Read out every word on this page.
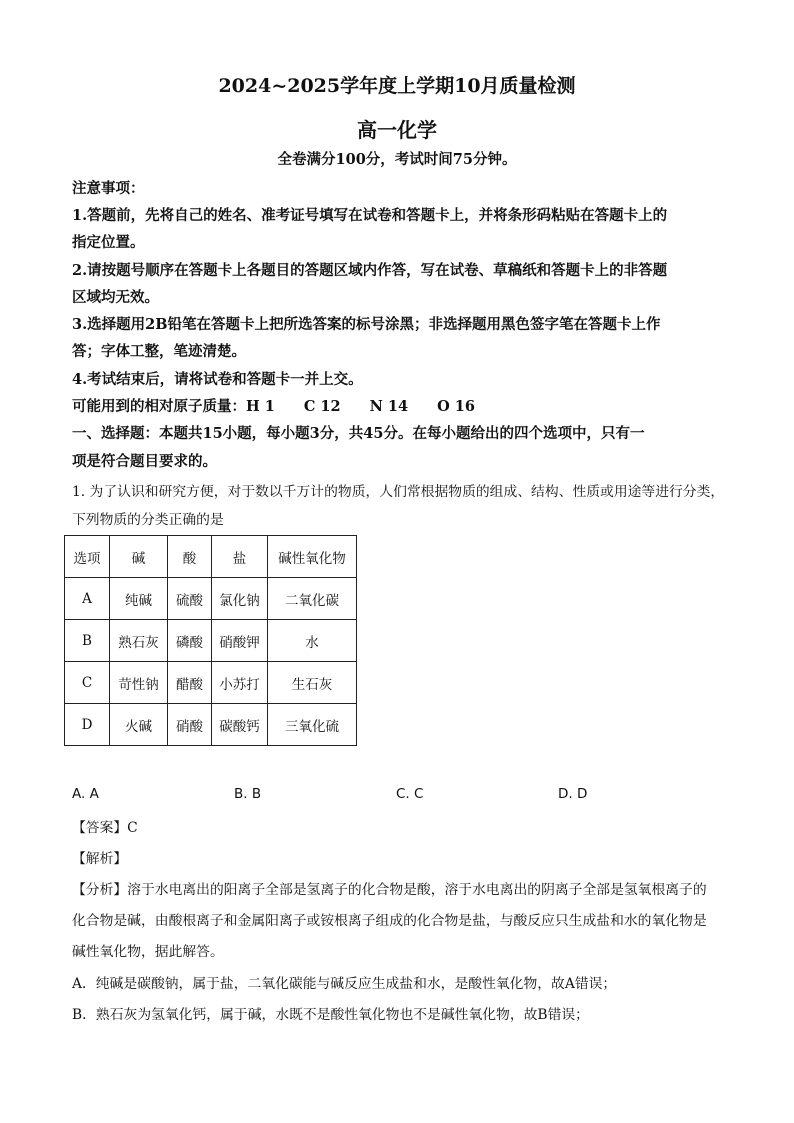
2024~2025学年度上学期10月质量检测
高一化学
全卷满分100分，考试时间75分钟。
注意事项：
1.答题前，先将自己的姓名、准考证号填写在试卷和答题卡上，并将条形码粘贴在答题卡上的
指定位置。
2.请按题号顺序在答题卡上各题目的答题区域内作答，写在试卷、草稿纸和答题卡上的非答题
区域均无效。
3.选择题用2B铅笔在答题卡上把所选答案的标号涂黑；非选择题用黑色签字笔在答题卡上作
答；字体工整，笔迹清楚。
4.考试结束后，请将试卷和答题卡一并上交。
可能用到的相对原子质量：H 1　　C 12　　N 14　　O 16
一、选择题：本题共15小题，每小题3分，共45分。在每小题给出的四个选项中，只有一
项是符合题目要求的。
1. 为了认识和研究方便，对于数以千万计的物质，人们常根据物质的组成、结构、性质或用途等进行分类，
下列物质的分类正确的是
选项	碱	酸	盐	碱性氧化物
A	纯碱	硫酸	氯化钠	二氧化碳
B	熟石灰	磷酸	硝酸钾	水
C	苛性钠	醋酸	小苏打	生石灰
D	火碱	硝酸	碳酸钙	三氧化硫
A. A	B. B	C. C	D. D
【答案】C
【解析】
【分析】溶于水电离出的阳离子全部是氢离子的化合物是酸，溶于水电离出的阴离子全部是氢氧根离子的
化合物是碱，由酸根离子和金属阳离子或铵根离子组成的化合物是盐，与酸反应只生成盐和水的氧化物是
碱性氧化物，据此解答。
A．纯碱是碳酸钠，属于盐，二氧化碳能与碱反应生成盐和水，是酸性氧化物，故A错误；
B．熟石灰为氢氧化钙，属于碱，水既不是酸性氧化物也不是碱性氧化物，故B错误；
